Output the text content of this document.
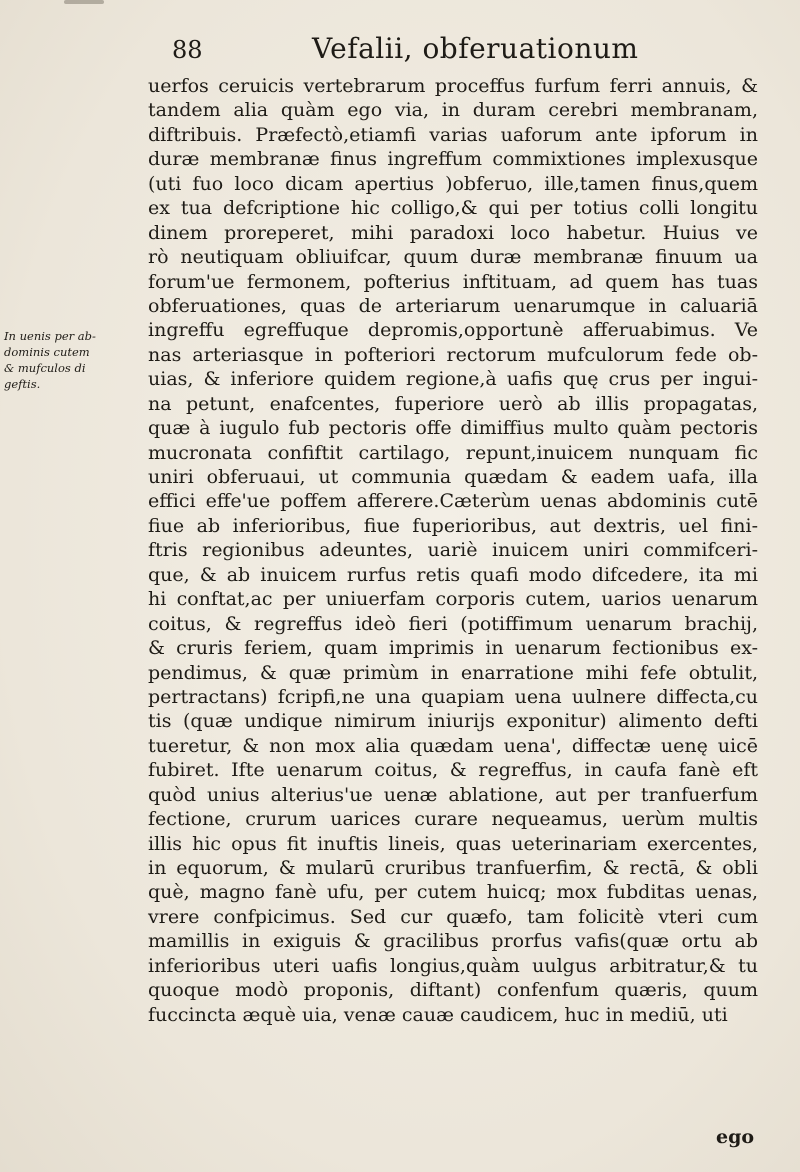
88	Vefalii, obferuationum
In uenis per ab-
dominis cutem
& mufculos di
geftis.
uerfos ceruicis vertebrarum proceffus furfum ferri annuis, &
tandem alia quàm ego via, in duram cerebri membranam,
diftribuis. Præfectò,etiamfi varias uaforum ante ipforum in
duræ membranæ finus ingreffum commixtiones implexusque
(uti fuo loco dicam apertius )obferuo, ille,tamen finus,quem
ex tua defcriptione hic colligo,& qui per totius colli longitu
dinem proreperet, mihi paradoxi loco habetur. Huius ve
rò neutiquam obliuifcar, quum duræ membranæ finuum ua
forum'ue fermonem, pofterius inftituam, ad quem has tuas
obferuationes, quas de arteriarum uenarumque in caluariā
ingreffu egreffuque depromis,opportunè afferuabimus. Ve
nas arteriasque in pofteriori rectorum mufculorum fede ob-
uias, & inferiore quidem regione,à uafis quę crus per ingui-
na petunt, enafcentes, fuperiore uerò ab illis propagatas,
quæ à iugulo fub pectoris offe dimiffius multo quàm pectoris
mucronata confiftit cartilago, repunt,inuicem nunquam fic
uniri obferuaui, ut communia quædam & eadem uafa, illa
effici effe'ue poffem afferere.Cæterùm uenas abdominis cutē
fiue ab inferioribus, fiue fuperioribus, aut dextris, uel fini-
ftris regionibus adeuntes, uariè inuicem uniri commifceri-
que, & ab inuicem rurfus retis quafi modo difcedere, ita mi
hi conftat,ac per uniuerfam corporis cutem, uarios uenarum
coitus, & regreffus ideò fieri (potiffimum uenarum brachij,
& cruris feriem, quam imprimis in uenarum fectionibus ex-
pendimus, & quæ primùm in enarratione mihi fefe obtulit,
pertractans) fcripfi,ne una quapiam uena uulnere diffecta,cu
tis (quæ undique nimirum iniurijs exponitur) alimento defti
tueretur, & non mox alia quædam uena', diffectæ uenę uicē
fubiret. Ifte uenarum coitus, & regreffus, in caufa fanè eft
quòd unius alterius'ue uenæ ablatione, aut per tranfuerfum
fectione, crurum uarices curare nequeamus, uerùm multis
illis hic opus fit inuftis lineis, quas ueterinariam exercentes,
in equorum, & mularū cruribus tranfuerfim, & rectā, & obli
què, magno fanè ufu, per cutem huicq; mox fubditas uenas,
vrere confpicimus. Sed cur quæfo, tam folicitè vteri cum
mamillis in exiguis & gracilibus prorfus vafis(quæ ortu ab
inferioribus uteri uafis longius,quàm uulgus arbitratur,& tu
quoque modò proponis, diftant) confenfum quæris, quum
fuccincta æquè uia, venæ cauæ caudicem, huc in mediū, uti
ego
